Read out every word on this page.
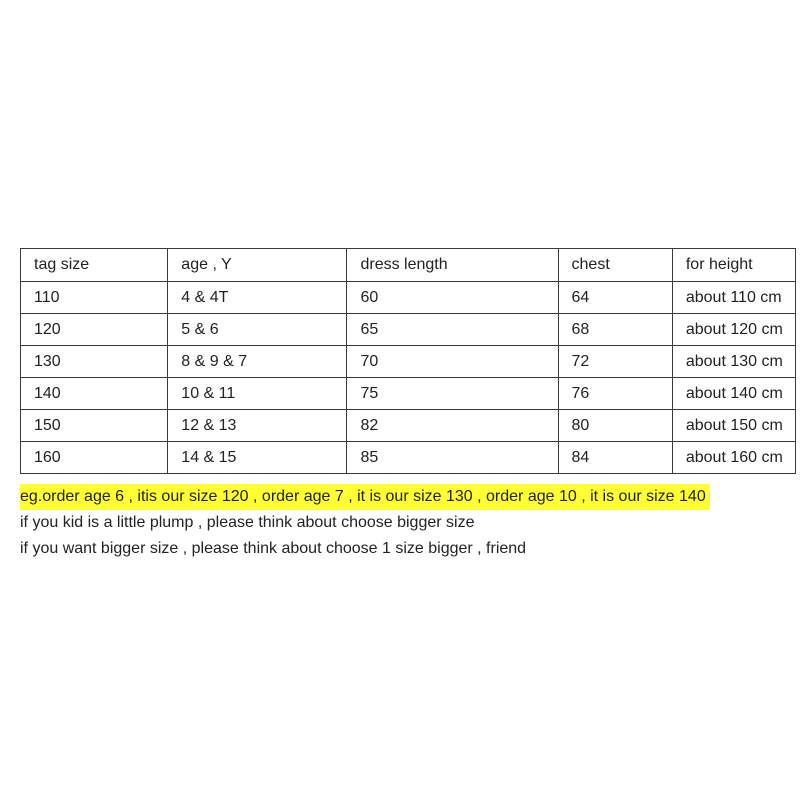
tag size	age , Y	dress length	chest	for height
110	4 & 4T	60	64	about 110 cm
120	5 & 6	65	68	about 120 cm
130	8 & 9 & 7	70	72	about 130 cm
140	10 & 11	75	76	about 140 cm
150	12 & 13	82	80	about 150 cm
160	14 & 15	85	84	about 160 cm
eg.order age 6 , itis our size 120 , order age 7 , it is our size 130 , order age 10 , it is our size 140
if you kid is a little plump , please think about choose bigger size
if you want bigger size , please think about choose 1 size bigger , friend
